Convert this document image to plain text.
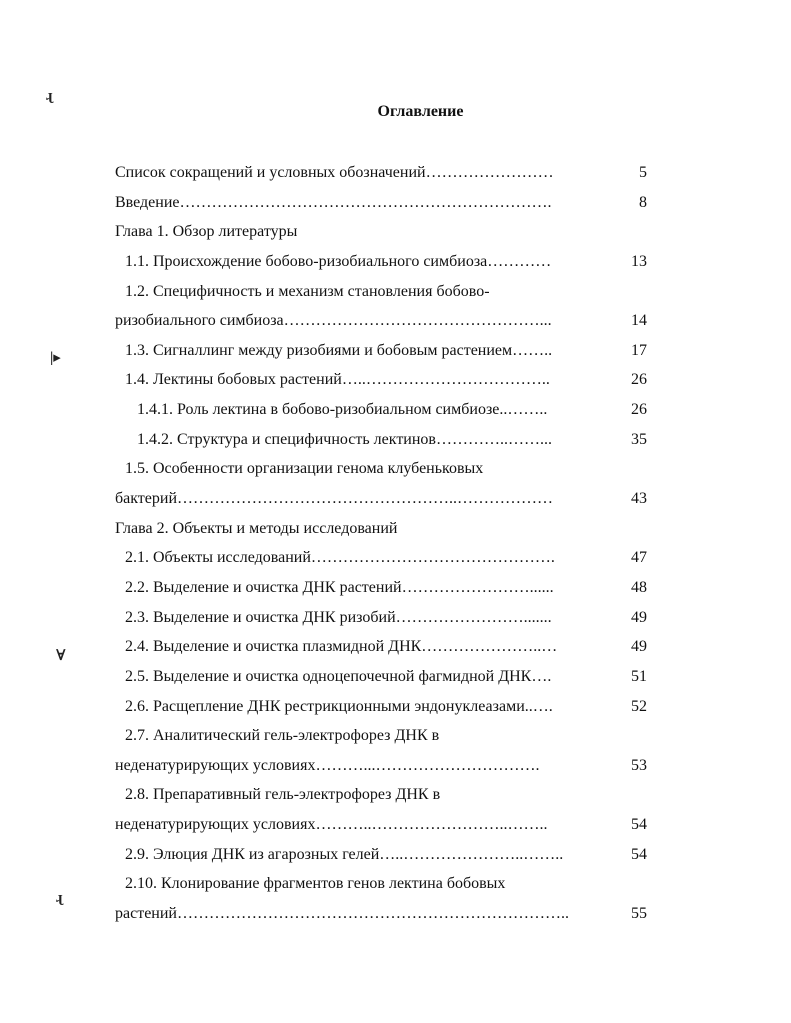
Оглавление
ɻ
|▸
∀
ɻ
Список сокращений и условных обозначений……………………	5
Введение…………………………………………………………….	8
Глава 1. Обзор литературы
1.1. Происхождение бобово-ризобиального симбиоза…………	13
1.2. Специфичность и механизм становления бобово-
ризобиального симбиоза…………………………………………...	14
1.3. Сигналлинг между ризобиями и бобовым растением……..	17
1.4. Лектины бобовых растений…..……………………………..	26
1.4.1. Роль лектина в бобово-ризобиальном симбиозе..……..	26
1.4.2. Структура и специфичность лектинов…………..……...	35
1.5. Особенности организации генома клубеньковых
бактерий……………………………………………..………………	43
Глава 2. Объекты и методы исследований
2.1. Объекты исследований……………………………………….	47
2.2. Выделение и очистка ДНК растений……………………......	48
2.3. Выделение и очистка ДНК ризобий…………………….......	49
2.4. Выделение и очистка плазмидной ДНК…………………..…	49
2.5. Выделение и очистка одноцепочечной фагмидной ДНК….	51
2.6. Расщепление ДНК рестрикционными эндонуклеазами..….	52
2.7. Аналитический гель-электрофорез ДНК в
неденатурирующих условиях………...………………………….	53
2.8. Препаративный гель-электрофорез ДНК в
неденатурирующих условиях………..……………………..……..	54
2.9. Элюция ДНК из агарозных гелей…..…………………..……..	54
2.10. Клонирование фрагментов генов лектина бобовых
растений………………………………………………………………..	55
